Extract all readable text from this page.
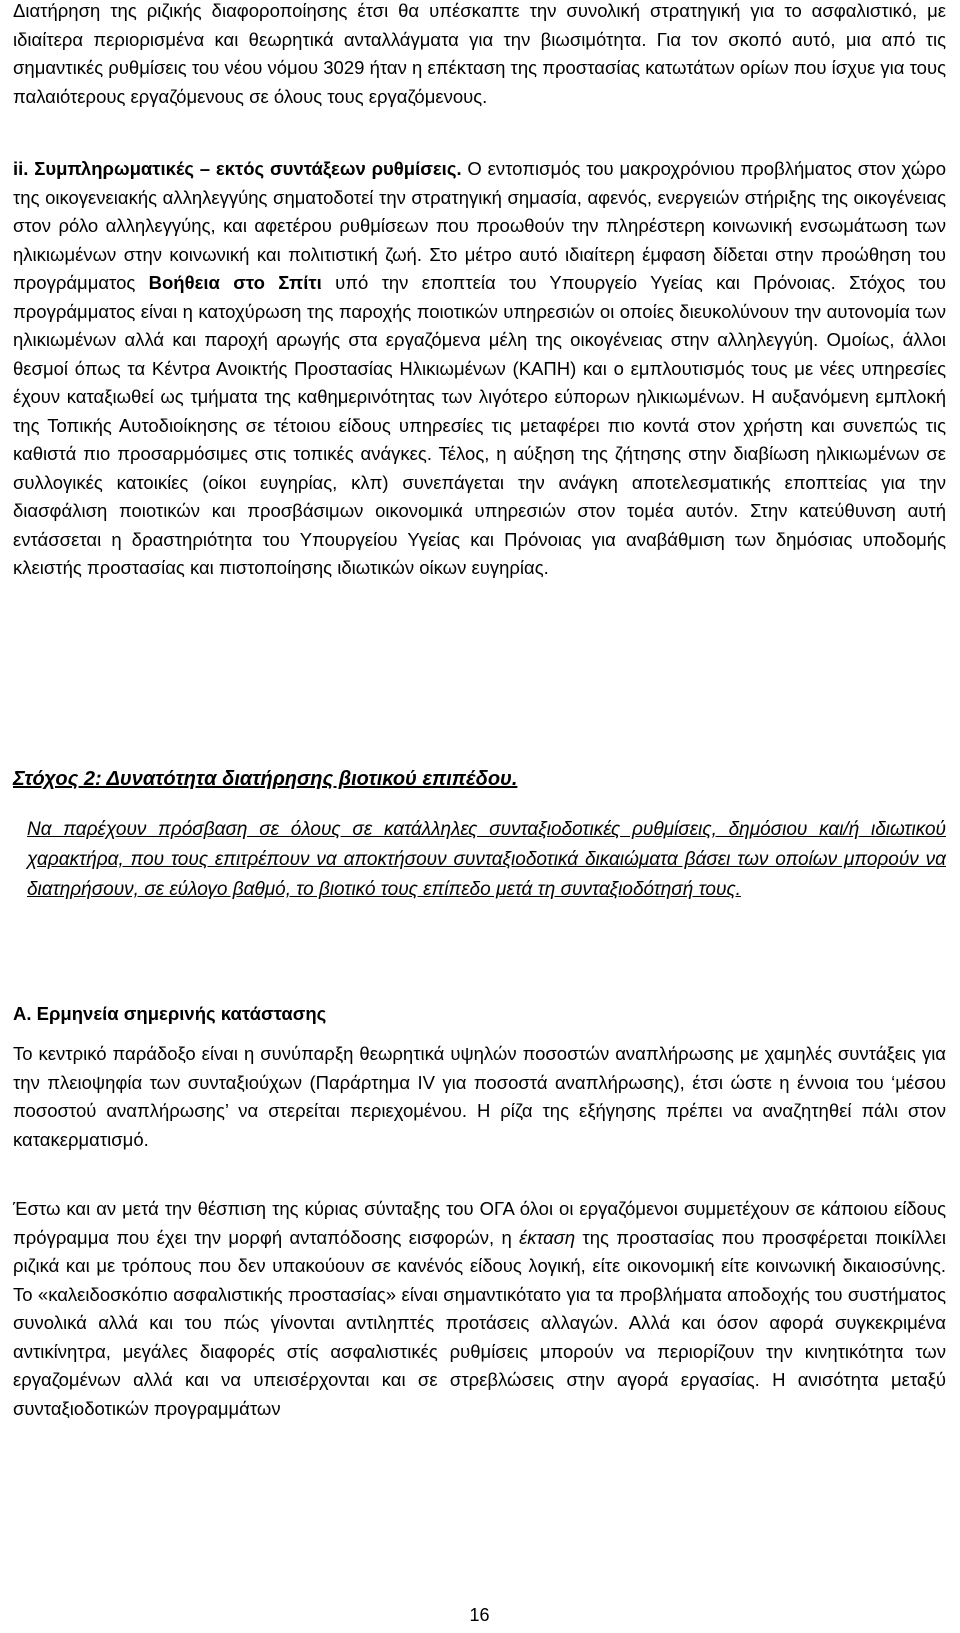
Διατήρηση της ριζικής διαφοροποίησης έτσι θα υπέσκαπτε την συνολική στρατηγική για το ασφαλιστικό, με ιδιαίτερα περιορισμένα και θεωρητικά ανταλλάγματα για την βιωσιμότητα. Για τον σκοπό αυτό, μια από τις σημαντικές ρυθμίσεις του νέου νόμου 3029 ήταν η επέκταση της προστασίας κατωτάτων ορίων που ίσχυε για τους παλαιότερους εργαζόμενους σε όλους τους εργαζόμενους.

ii. Συμπληρωματικές – εκτός συντάξεων ρυθμίσεις. Ο εντοπισμός του μακροχρόνιου προβλήματος στον χώρο της οικογενειακής αλληλεγγύης σηματοδοτεί την στρατηγική σημασία, αφενός, ενεργειών στήριξης της οικογένειας στον ρόλο αλληλεγγύης, και αφετέρου ρυθμίσεων που προωθούν την πληρέστερη κοινωνική ενσωμάτωση των ηλικιωμένων στην κοινωνική και πολιτιστική ζωή. Στο μέτρο αυτό ιδιαίτερη έμφαση δίδεται στην προώθηση του προγράμματος Βοήθεια στο Σπίτι υπό την εποπτεία του Υπουργείο Υγείας και Πρόνοιας. Στόχος του προγράμματος είναι η κατοχύρωση της παροχής ποιοτικών υπηρεσιών οι οποίες διευκολύνουν την αυτονομία των ηλικιωμένων αλλά και παροχή αρωγής στα εργαζόμενα μέλη της οικογένειας στην αλληλεγγύη. Ομοίως, άλλοι θεσμοί όπως τα Κέντρα Ανοικτής Προστασίας Ηλικιωμένων (ΚΑΠΗ) και ο εμπλουτισμός τους με νέες υπηρεσίες έχουν καταξιωθεί ως τμήματα της καθημερινότητας των λιγότερο εύπορων ηλικιωμένων. Η αυξανόμενη εμπλοκή της Τοπικής Αυτοδιοίκησης σε τέτοιου είδους υπηρεσίες τις μεταφέρει πιο κοντά στον χρήστη και συνεπώς τις καθιστά πιο προσαρμόσιμες στις τοπικές ανάγκες. Τέλος, η αύξηση της ζήτησης στην διαβίωση ηλικιωμένων σε συλλογικές κατοικίες (οίκοι ευγηρίας, κλπ) συνεπάγεται την ανάγκη αποτελεσματικής εποπτείας για την διασφάλιση ποιοτικών και προσβάσιμων οικονομικά υπηρεσιών στον τομέα αυτόν. Στην κατεύθυνση αυτή εντάσσεται η δραστηριότητα του Υπουργείου Υγείας και Πρόνοιας για αναβάθμιση των δημόσιας υποδομής κλειστής προστασίας και πιστοποίησης ιδιωτικών οίκων ευγηρίας.

Στόχος 2: Δυνατότητα διατήρησης βιοτικού επιπέδου.

Να παρέχουν πρόσβαση σε όλους σε κατάλληλες συνταξιοδοτικές ρυθμίσεις, δημόσιου και/ή ιδιωτικού χαρακτήρα, που τους επιτρέπουν να αποκτήσουν συνταξιοδοτικά δικαιώματα βάσει των οποίων μπορούν να διατηρήσουν, σε εύλογο βαθμό, το βιοτικό τους επίπεδο μετά τη συνταξιοδότησή τους.

Α. Ερμηνεία σημερινής κατάστασης

Το κεντρικό παράδοξο είναι η συνύπαρξη θεωρητικά υψηλών ποσοστών αναπλήρωσης με χαμηλές συντάξεις για την πλειοψηφία των συνταξιούχων (Παράρτημα IV για ποσοστά αναπλήρωσης), έτσι ώστε η έννοια του ‘μέσου ποσοστού αναπλήρωσης’ να στερείται περιεχομένου. Η ρίζα της εξήγησης πρέπει να αναζητηθεί πάλι στον κατακερματισμό.

Έστω και αν μετά την θέσπιση της κύριας σύνταξης του ΟΓΑ όλοι οι εργαζόμενοι συμμετέχουν σε κάποιου είδους πρόγραμμα που έχει την μορφή ανταπόδοσης εισφορών, η έκταση της προστασίας που προσφέρεται ποικίλλει ριζικά και με τρόπους που δεν υπακούουν σε κανένός είδους λογική, είτε οικονομική είτε κοινωνική δικαιοσύνης. Το «καλειδοσκόπιο ασφαλιστικής προστασίας» είναι σημαντικότατο για τα προβλήματα αποδοχής του συστήματος συνολικά αλλά και του πώς γίνονται αντιληπτές προτάσεις αλλαγών. Αλλά και όσον αφορά συγκεκριμένα αντικίνητρα, μεγάλες διαφορές στίς ασφαλιστικές ρυθμίσεις μπορούν να περιορίζουν την κινητικότητα των εργαζομένων αλλά και να υπεισέρχονται και σε στρεβλώσεις στην αγορά εργασίας. Η ανισότητα μεταξύ συνταξιοδοτικών προγραμμάτων

16
